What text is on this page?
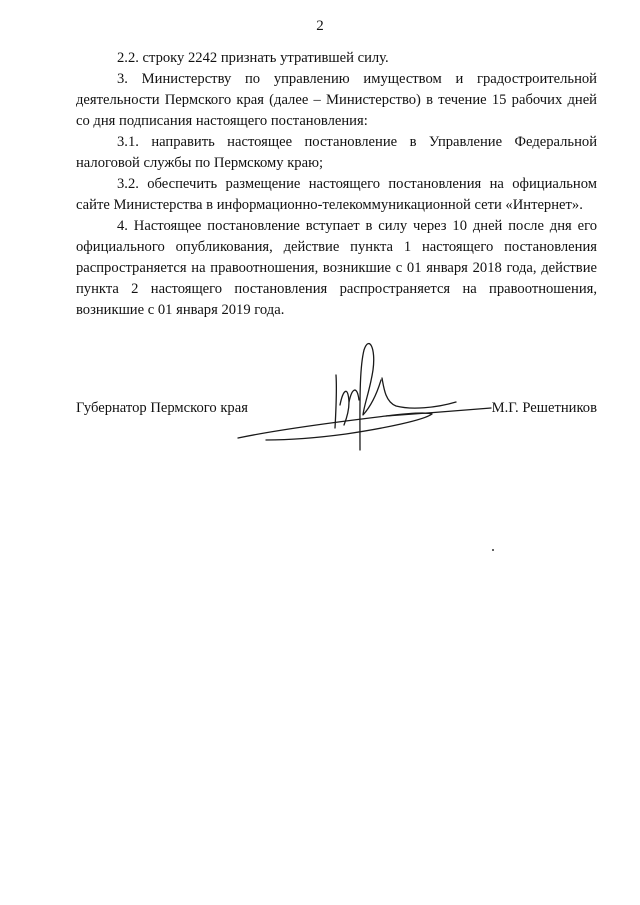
2

2.2. строку 2242 признать утратившей силу.

3. Министерству по управлению имуществом и градостроительной деятельности Пермского края (далее – Министерство) в течение 15 рабочих дней со дня подписания настоящего постановления:

3.1. направить настоящее постановление в Управление Федеральной налоговой службы по Пермскому краю;

3.2. обеспечить размещение настоящего постановления на официальном сайте Министерства в информационно-телекоммуникационной сети «Интернет».

4. Настоящее постановление вступает в силу через 10 дней после дня его официального опубликования, действие пункта 1 настоящего постановления распространяется на правоотношения, возникшие с 01 января 2018 года, действие пункта 2 настоящего постановления распространяется на правоотношения, возникшие с 01 января 2019 года.

Губернатор Пермского края	М.Г. Решетников
